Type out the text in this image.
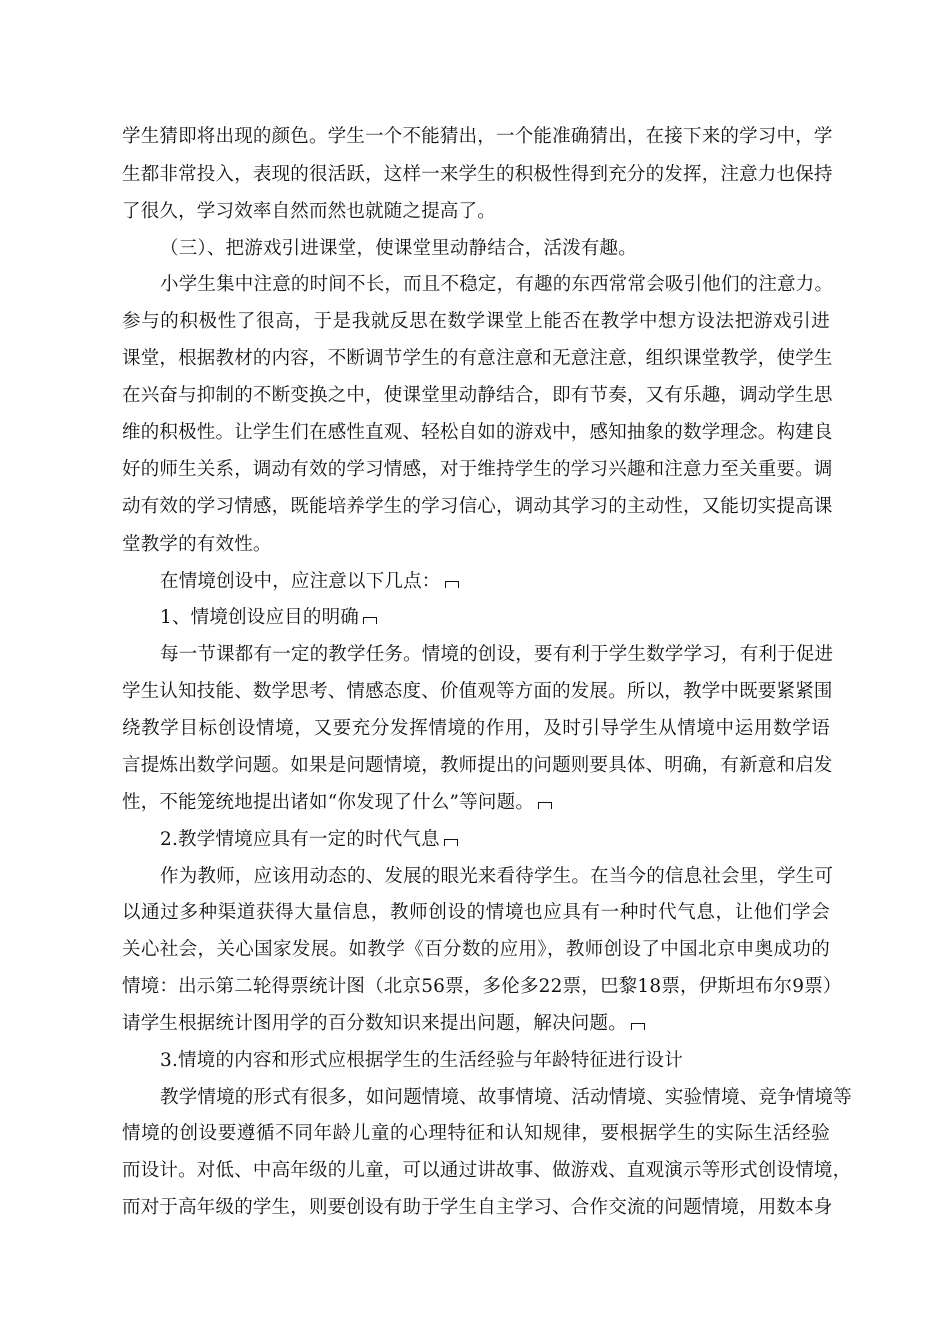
学生猜即将出现的颜色。学生一个不能猜出，一个能准确猜出，在接下来的学习中，学
生都非常投入，表现的很活跃，这样一来学生的积极性得到充分的发挥，注意力也保持
了很久，学习效率自然而然也就随之提高了。
（三）、把游戏引进课堂，使课堂里动静结合，活泼有趣。
小学生集中注意的时间不长，而且不稳定，有趣的东西常常会吸引他们的注意力。
参与的积极性了很高，于是我就反思在数学课堂上能否在教学中想方设法把游戏引进
课堂，根据教材的内容，不断调节学生的有意注意和无意注意，组织课堂教学，使学生
在兴奋与抑制的不断变换之中，使课堂里动静结合，即有节奏，又有乐趣，调动学生思
维的积极性。让学生们在感性直观、轻松自如的游戏中，感知抽象的数学理念。构建良
好的师生关系，调动有效的学习情感，对于维持学生的学习兴趣和注意力至关重要。调
动有效的学习情感，既能培养学生的学习信心，调动其学习的主动性，又能切实提高课
堂教学的有效性。
在情境创设中，应注意以下几点：
1、情境创设应目的明确
每一节课都有一定的教学任务。情境的创设，要有利于学生数学学习，有利于促进
学生认知技能、数学思考、情感态度、价值观等方面的发展。所以，教学中既要紧紧围
绕教学目标创设情境，又要充分发挥情境的作用，及时引导学生从情境中运用数学语
言提炼出数学问题。如果是问题情境，教师提出的问题则要具体、明确，有新意和启发
性，不能笼统地提出诸如“你发现了什么”等问题。
2.教学情境应具有一定的时代气息
作为教师，应该用动态的、发展的眼光来看待学生。在当今的信息社会里，学生可
以通过多种渠道获得大量信息，教师创设的情境也应具有一种时代气息，让他们学会
关心社会，关心国家发展。如教学《百分数的应用》，教师创设了中国北京申奥成功的
情境：出示第二轮得票统计图（北京56票，多伦多22票，巴黎18票，伊斯坦布尔9票）
请学生根据统计图用学的百分数知识来提出问题，解决问题。
3.情境的内容和形式应根据学生的生活经验与年龄特征进行设计
教学情境的形式有很多，如问题情境、故事情境、活动情境、实验情境、竞争情境等
情境的创设要遵循不同年龄儿童的心理特征和认知规律，要根据学生的实际生活经验
而设计。对低、中高年级的儿童，可以通过讲故事、做游戏、直观演示等形式创设情境，
而对于高年级的学生，则要创设有助于学生自主学习、合作交流的问题情境，用数本身
